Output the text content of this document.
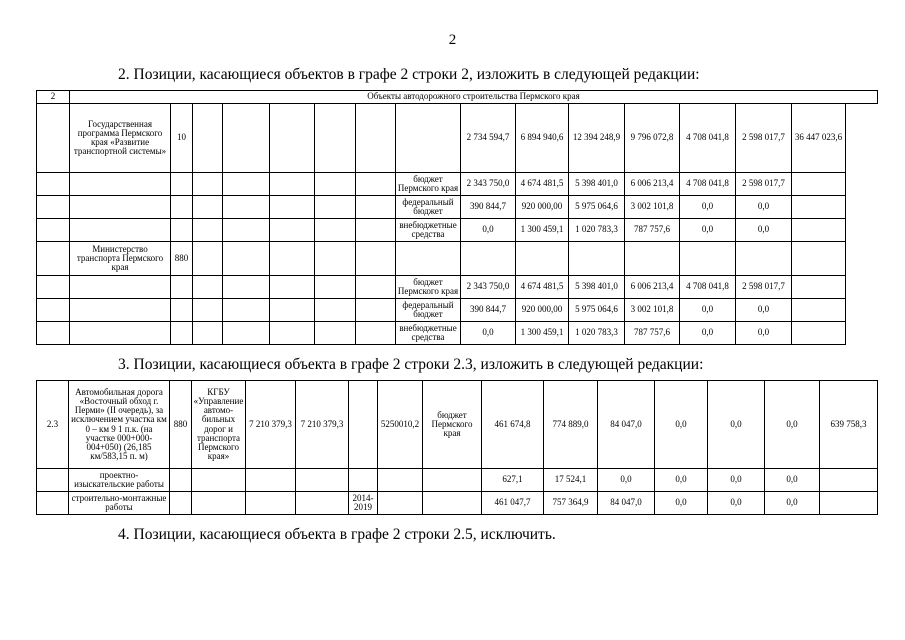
2
2. Позиции, касающиеся объектов в графе 2 строки 2, изложить в следующей редакции:
2	Объекты автодорожного строительства Пермского края														
	Государственная программа Пермского края «Развитие транспортной системы»	10							2 734 594,7	6 894 940,6	12 394 248,9	9 796 072,8	4 708 041,8	2 598 017,7	36 447 023,6
								бюджет Пермского края	2 343 750,0	4 674 481,5	5 398 401,0	6 006 213,4	4 708 041,8	2 598 017,7	
								федеральный бюджет	390 844,7	920 000,00	5 975 064,6	3 002 101,8	0,0	0,0	
								внебюджетные средства	0,0	1 300 459,1	1 020 783,3	787 757,6	0,0	0,0	
	Министерство транспорта Пермского края	880													
								бюджет Пермского края	2 343 750,0	4 674 481,5	5 398 401,0	6 006 213,4	4 708 041,8	2 598 017,7	
								федеральный бюджет	390 844,7	920 000,00	5 975 064,6	3 002 101,8	0,0	0,0	
								внебюджетные средства	0,0	1 300 459,1	1 020 783,3	787 757,6	0,0	0,0	
3. Позиции, касающиеся объекта в графе 2 строки 2.3, изложить в следующей редакции:
2.3	Автомобильная дорога «Восточный обход г. Перми» (II очередь), за исключением участка км 0 – км 9 1 п.к. (на участке 000+000-004+050) (26,185 км/583,15 п. м)	880	КГБУ «Управление автомо-бильных дорог и транспорта Пермского края»	7 210 379,3	7 210 379,3		5250010,2	бюджет Пермского края	461 674,8	774 889,0	84 047,0	0,0	0,0	0,0	639 758,3
	проектно-изыскательские работы								627,1	17 524,1	0,0	0,0	0,0	0,0	
	строительно-монтажные работы					2014-2019			461 047,7	757 364,9	84 047,0	0,0	0,0	0,0	
4. Позиции, касающиеся объекта в графе 2 строки 2.5, исключить.
